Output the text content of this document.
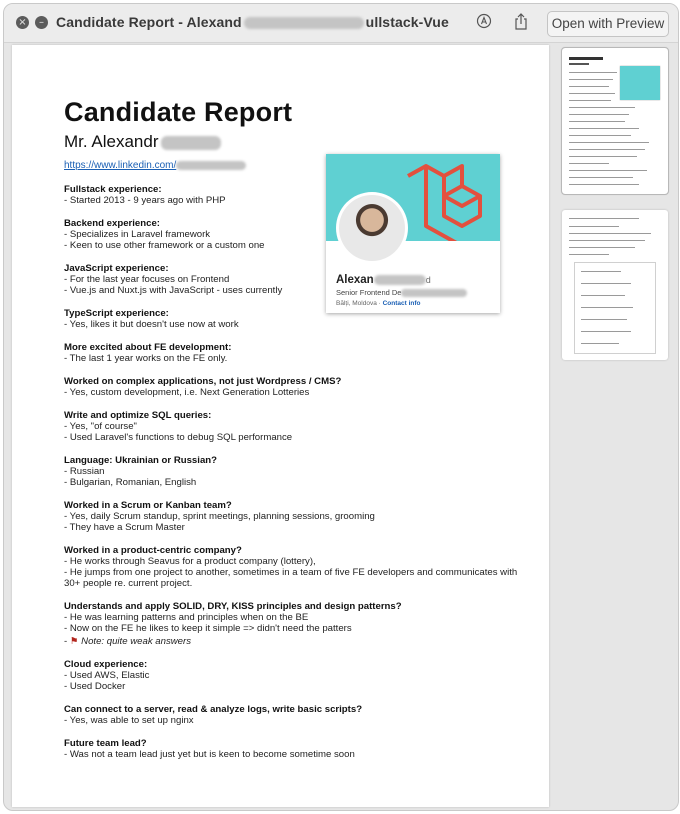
×	– Candidate Report - Alexand	ullstack-Vue	Open with Preview
Candidate Report
Mr. Alexandr
https://www.linkedin.com/
Fullstack experience:
- Started 2013 - 9 years ago with PHP
Backend experience:
- Specializes in Laravel framework
- Keen to use other framework or a custom one
JavaScript experience:
- For the last year focuses on Frontend
- Vue.js and Nuxt.js with JavaScript - uses currently
TypeScript experience:
- Yes, likes it but doesn't use now at work
More excited about FE development:
- The last 1 year works on the FE only.
Worked on complex applications, not just Wordpress / CMS?
- Yes, custom development, i.e. Next Generation Lotteries
Write and optimize SQL queries:
- Yes, "of course"
- Used Laravel's functions to debug SQL performance
Language: Ukrainian or Russian?
- Russian
- Bulgarian, Romanian, English
Worked in a Scrum or Kanban team?
- Yes, daily Scrum standup, sprint meetings, planning sessions, grooming
- They have a Scrum Master
Worked in a product-centric company?
- He works through Seavus for a product company (lottery),
- He jumps from one project to another, sometimes in a team of five FE developers and communicates with 30+ people re. current project.
Understands and apply SOLID, DRY, KISS principles and design patterns?
- He was learning patterns and principles when on the BE
- Now on the FE he likes to keep it simple => didn't need the patters
- ⚑ Note: quite weak answers
Cloud experience:
- Used AWS, Elastic
- Used Docker
Can connect to a server, read & analyze logs, write basic scripts?
- Yes, was able to set up nginx
Future team lead?
- Was not a team lead just yet but is keen to become sometime soon
Alexan	d
Senior Frontend De
Bălți, Moldova · Contact info
